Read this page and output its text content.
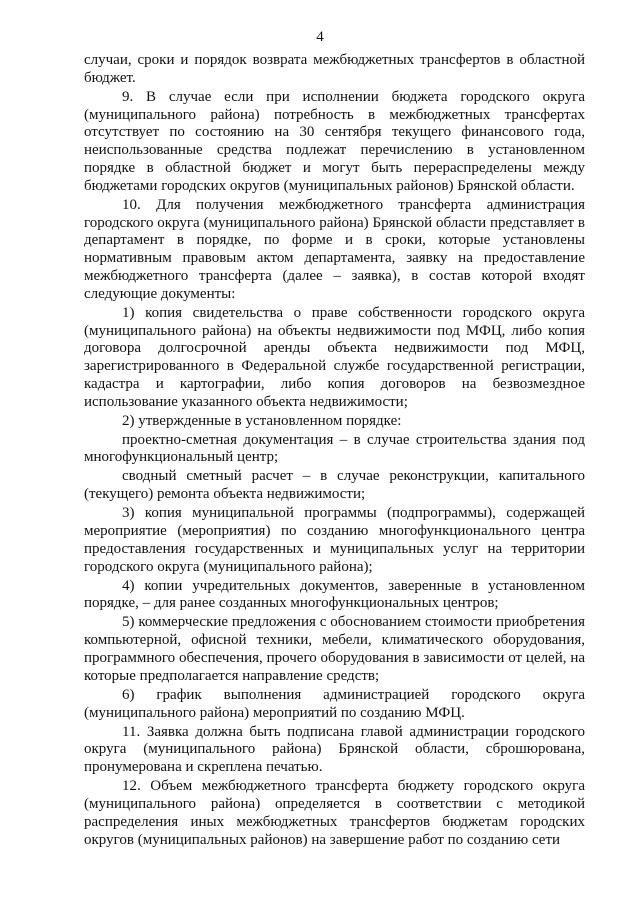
4

случаи, сроки и порядок возврата межбюджетных трансфертов в областной бюджет.

9. В случае если при исполнении бюджета городского округа (муниципального района) потребность в межбюджетных трансфертах отсутствует по состоянию на 30 сентября текущего финансового года, неиспользованные средства подлежат перечислению в установленном порядке в областной бюджет и могут быть перераспределены между бюджетами городских округов (муниципальных районов) Брянской области.

10. Для получения межбюджетного трансферта администрация городского округа (муниципального района) Брянской области представляет в департамент в порядке, по форме и в сроки, которые установлены нормативным правовым актом департамента, заявку на предоставление межбюджетного трансферта (далее – заявка), в состав которой входят следующие документы:

1) копия свидетельства о праве собственности городского округа (муниципального района) на объекты недвижимости под МФЦ, либо копия договора долгосрочной аренды объекта недвижимости под МФЦ, зарегистрированного в Федеральной службе государственной регистрации, кадастра и картографии, либо копия договоров на безвозмездное использование указанного объекта недвижимости;

2) утвержденные в установленном порядке:

проектно-сметная документация – в случае строительства здания под многофункциональный центр;

сводный сметный расчет – в случае реконструкции, капитального (текущего) ремонта объекта недвижимости;

3) копия муниципальной программы (подпрограммы), содержащей мероприятие (мероприятия) по созданию многофункционального центра предоставления государственных и муниципальных услуг на территории городского округа (муниципального района);

4) копии учредительных документов, заверенные в установленном порядке, – для ранее созданных многофункциональных центров;

5) коммерческие предложения с обоснованием стоимости приобретения компьютерной, офисной техники, мебели, климатического оборудования, программного обеспечения, прочего оборудования в зависимости от целей, на которые предполагается направление средств;

6) график выполнения администрацией городского округа (муниципального района) мероприятий по созданию МФЦ.

11. Заявка должна быть подписана главой администрации городского округа (муниципального района) Брянской области, сброшюрована, пронумерована и скреплена печатью.

12. Объем межбюджетного трансферта бюджету городского округа (муниципального района) определяется в соответствии с методикой распределения иных межбюджетных трансфертов бюджетам городских округов (муниципальных районов) на завершение работ по созданию сети
